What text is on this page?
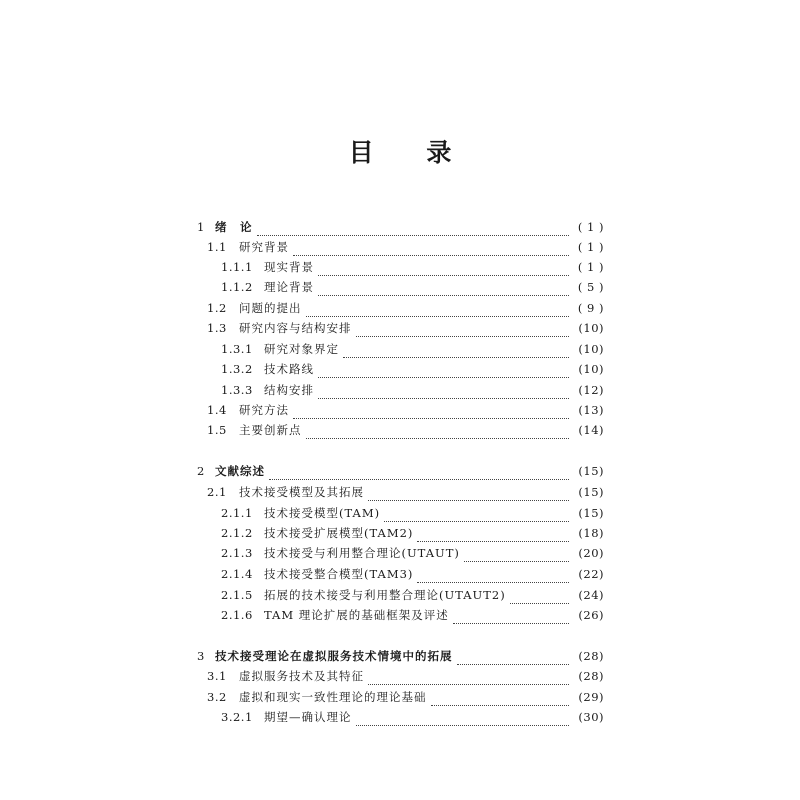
目 录
1 绪　论	( 1 )
1.1 研究背景	( 1 )
1.1.1 现实背景	( 1 )
1.1.2 理论背景	( 5 )
1.2 问题的提出	( 9 )
1.3 研究内容与结构安排	(10)
1.3.1 研究对象界定	(10)
1.3.2 技术路线	(10)
1.3.3 结构安排	(12)
1.4 研究方法	(13)
1.5 主要创新点	(14)
2 文献综述	(15)
2.1 技术接受模型及其拓展	(15)
2.1.1 技术接受模型(TAM)	(15)
2.1.2 技术接受扩展模型(TAM2)	(18)
2.1.3 技术接受与利用整合理论(UTAUT)	(20)
2.1.4 技术接受整合模型(TAM3)	(22)
2.1.5 拓展的技术接受与利用整合理论(UTAUT2)	(24)
2.1.6 TAM 理论扩展的基础框架及评述	(26)
3 技术接受理论在虚拟服务技术情境中的拓展	(28)
3.1 虚拟服务技术及其特征	(28)
3.2 虚拟和现实一致性理论的理论基础	(29)
3.2.1 期望—确认理论	(30)
